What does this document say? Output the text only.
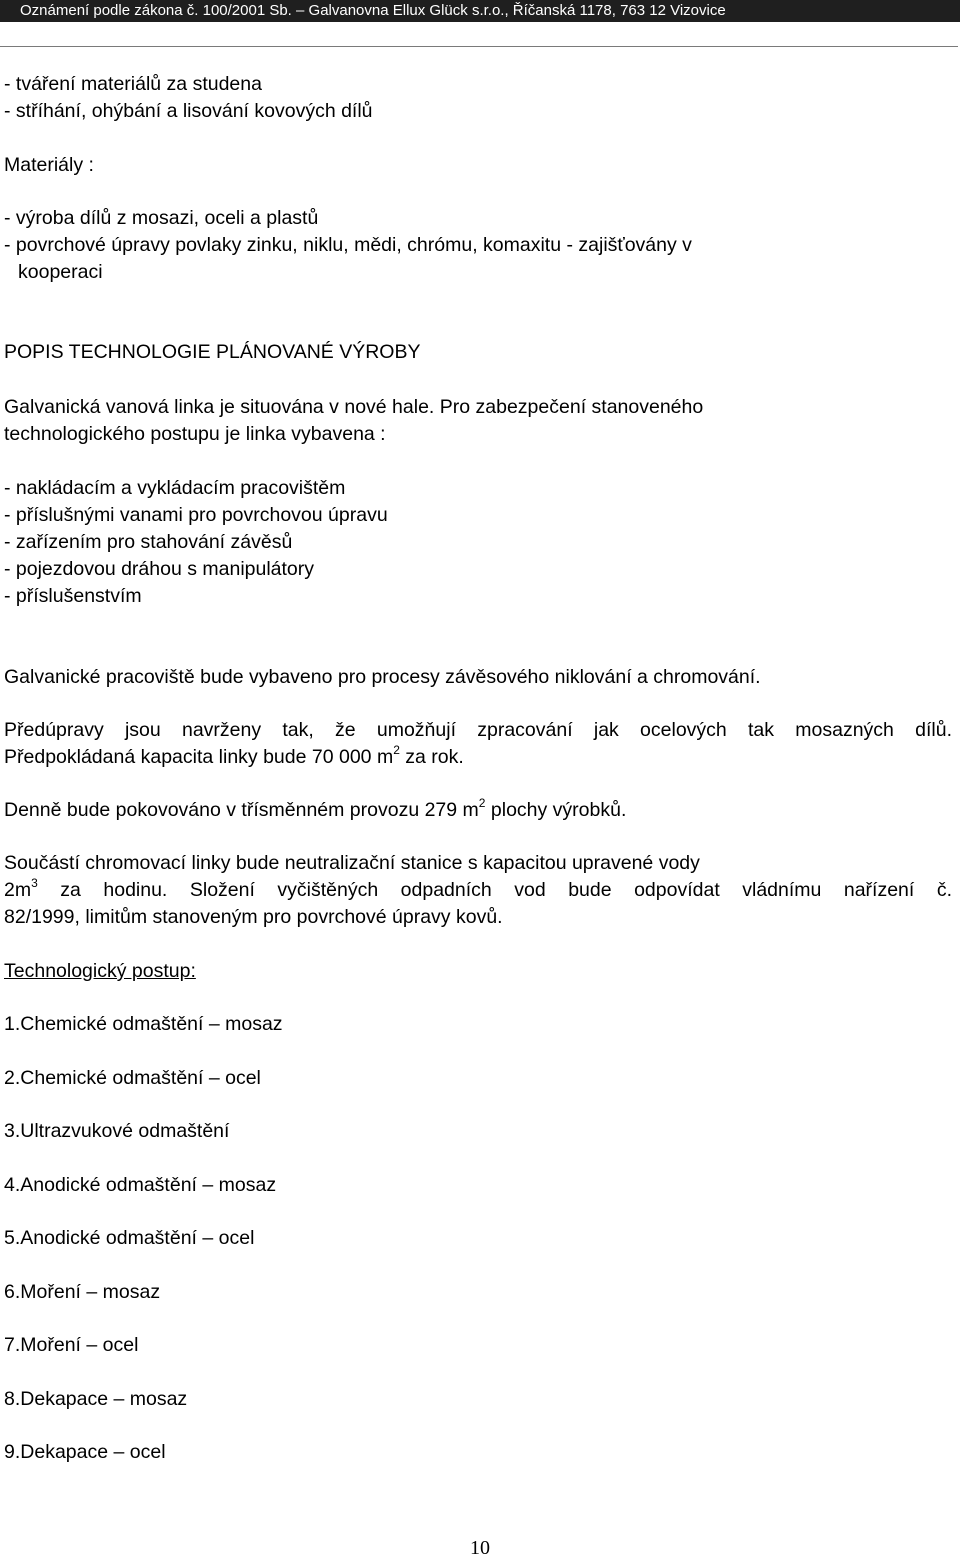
Oznámení podle zákona č. 100/2001 Sb. – Galvanovna Ellux Glück s.r.o., Říčanská 1178, 763 12 Vizovice
- tváření materiálů za studena
- stříhání, ohýbání a lisování kovových dílů
Materiály :
- výroba dílů z mosazi, oceli a plastů
- povrchové úpravy povlaky zinku, niklu, mědi, chrómu, komaxitu - zajišťovány v
kooperaci
POPIS TECHNOLOGIE PLÁNOVANÉ VÝROBY
Galvanická vanová linka je situována v nové hale. Pro zabezpečení stanoveného
technologického postupu je linka vybavena :
- nakládacím a vykládacím pracovištěm
- příslušnými vanami pro povrchovou úpravu
- zařízením pro stahování závěsů
- pojezdovou dráhou s manipulátory
- příslušenstvím
Galvanické pracoviště bude vybaveno pro procesy závěsového niklování a chromování.
Předúpravy jsou navrženy tak, že umožňují zpracování jak ocelových tak mosazných dílů.
Předpokládaná kapacita linky bude 70 000 $m^2$ za rok.
Denně bude pokovováno v třísměnném provozu 279 $m^2$ plochy výrobků.
Součástí chromovací linky bude neutralizační stanice s kapacitou upravené vody
$2m^3$ za hodinu. Složení vyčištěných odpadních vod bude odpovídat vládnímu nařízení č.
82/1999, limitům stanoveným pro povrchové úpravy kovů.
Technologický postup:
1.Chemické odmaštění – mosaz
2.Chemické odmaštění – ocel
3.Ultrazvukové odmaštění
4.Anodické odmaštění – mosaz
5.Anodické odmaštění – ocel
6.Moření – mosaz
7.Moření – ocel
8.Dekapace – mosaz
9.Dekapace – ocel
10
